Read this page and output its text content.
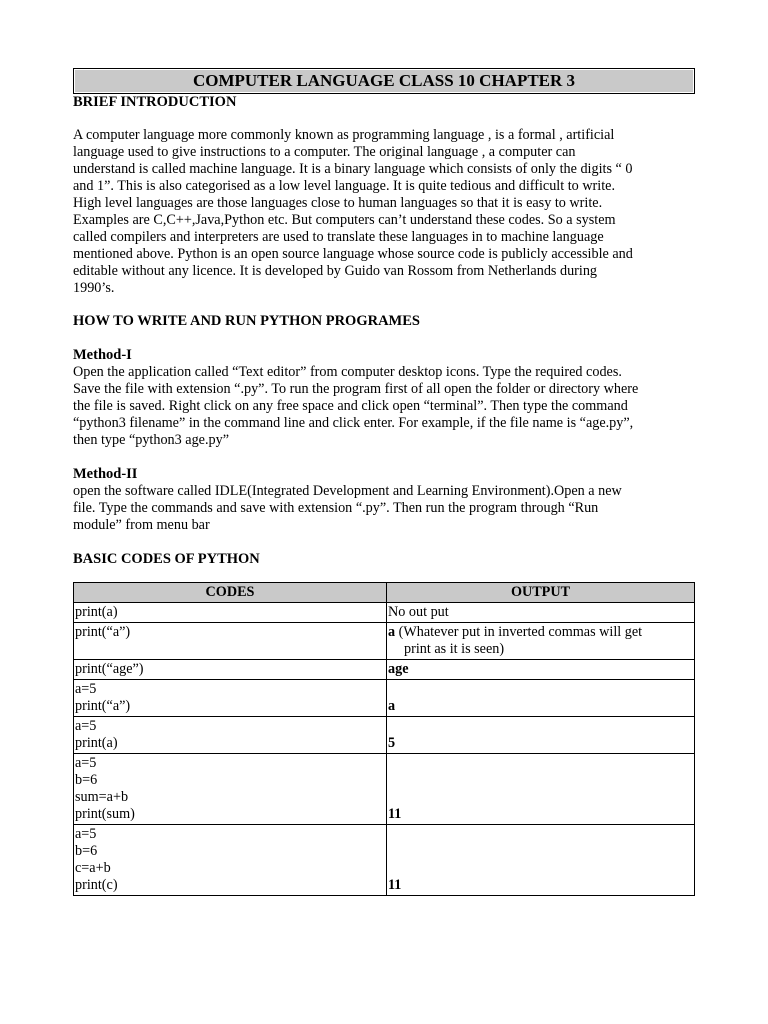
COMPUTER LANGUAGE CLASS 10 CHAPTER 3
BRIEF INTRODUCTION

A computer language more commonly known as programming language , is a formal , artificial

language used to give instructions to a computer. The original language , a computer can

understand is called machine language. It is a binary language which consists of only the digits “ 0

and 1”. This is also categorised as a low level language. It is quite tedious and difficult to write.

High level languages are those languages close to human languages so that it is easy to write.

Examples are C,C++,Java,Python etc. But computers can’t understand these codes. So a system

called compilers and interpreters are used to translate these languages in to machine language

mentioned above. Python is an open source language whose source code is publicly accessible and

editable without any licence. It is developed by Guido van Rossom from Netherlands during

1990’s.

HOW TO WRITE AND RUN PYTHON PROGRAMES
Method-I

Open the application called “Text editor” from computer desktop icons. Type the required codes.

Save the file with extension “.py”. To run the program first of all open the folder or directory where

the file is saved. Right click on any free space and click open “terminal”. Then type the command

“python3 filename” in the command line and click enter. For example, if the file name is “age.py”,

then type “python3 age.py”

Method-II

open the software called IDLE(Integrated Development and Learning Environment).Open a new

file. Type the commands and save with extension “.py”. Then run the program through “Run

module” from menu bar

BASIC CODES OF PYTHON
CODES	OUTPUT
print(a)	No out put
print(“a”)	a (Whatever put in inverted commas will get
print as it is seen)

print(“age”)	age

a=5
print(“a”)	a

a=5
print(a)	5

a=5
b=6
sum=a+b
print(sum)	11

a=5
b=6
c=a+b
print(c)	11
